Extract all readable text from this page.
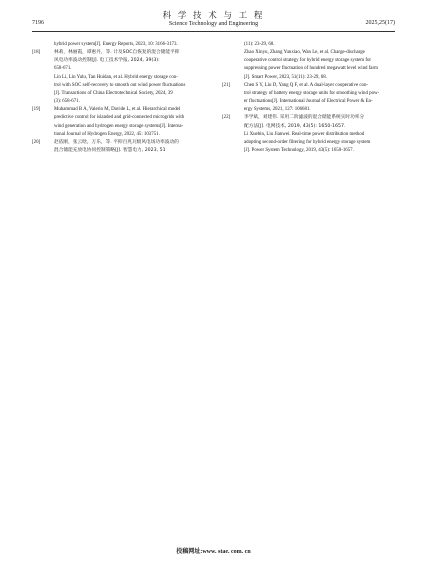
7196
科 学 技 术 与 工 程
Science Technology and Engineering	2025,25(17)
hybrid power system[J]. Energy Reports, 2023, 10: 3166-3173.
[18]	林莉，林丽霞，谭惠丹，等. 计及SOC自恢复的混合储能平抑
风电功率波动控制[J]. 电工技术学报, 2024, 39(3):
658-671.
Lin Li, Lin Yulu, Tan Huidan, et al. Hybrid energy storage con-
trol with SOC self-recovery to smooth out wind power fluctuations
[J]. Transactions of China Electrotechnical Society, 2024, 39
(3): 658-671.
[19]	Muhammad B A, Valerio M, Davide L, et al. Hierarchical model
predictive control for islanded and grid-connected microgrids with
wind generation and hydrogen energy storage systems[J]. Interna-
tional Journal of Hydrogen Energy, 2022, 45: 103751.
[20]	赵依刚，张云晗，万乐，等. 平抑百兆瓦级风电场功率波动的
混合储能充放电协同控制策略[J]. 智慧电力, 2023, 51
(11): 23-29, 68.
Zhao Xinyu, Zhang Yunxiao, Wan Le, et al. Charge-discharge
cooperative control strategy for hybrid energy storage system for
suppressing power fluctuation of hundred megawatt level wind farm
[J]. Smart Power, 2023, 51(11): 23-29, 68.
[21]	Chen S Y, Liu D, Yang Q F, et al. A dual-layer cooperative con-
trol strategy of battery energy storage units for smoothing wind pow-
er fluctuations[J]. International Journal of Electrical Power & En-
ergy Systems, 2021, 127: 106681.
[22]	李学斌，刘建伟. 采用二阶滤波的混合储能系统实时功率分
配方法[J]. 电网技术, 2019, 43(5): 1650-1657.
Li Xuebin, Liu Jianwei. Real-time power distribution method
adopting second-order filtering for hybrid energy storage system
[J]. Power System Technology, 2019, 43(5): 1650-1657.
投稿网址:www. stae. com. cn
